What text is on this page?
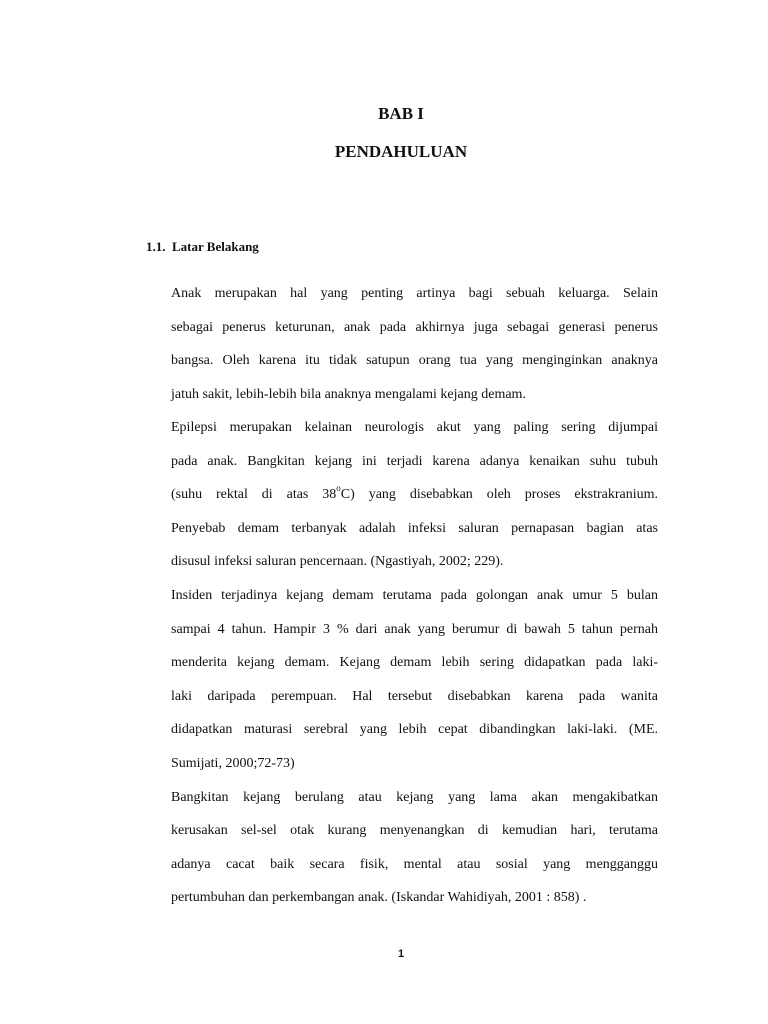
BAB I
PENDAHULUAN

1.1. Latar Belakang

Anak merupakan hal yang penting artinya bagi sebuah keluarga. Selain

sebagai penerus keturunan, anak pada akhirnya juga sebagai generasi penerus

bangsa. Oleh karena itu tidak satupun orang tua yang menginginkan anaknya

jatuh sakit, lebih-lebih bila anaknya mengalami kejang demam.

Epilepsi merupakan kelainan neurologis akut yang paling sering dijumpai

pada anak. Bangkitan kejang ini terjadi karena adanya kenaikan suhu tubuh

(suhu rektal di atas 38$^o$C) yang disebabkan oleh proses ekstrakranium.

Penyebab demam terbanyak adalah infeksi saluran pernapasan bagian atas

disusul infeksi saluran pencernaan. (Ngastiyah, 2002; 229).

Insiden terjadinya kejang demam terutama pada golongan anak umur 5 bulan

sampai 4 tahun. Hampir 3 % dari anak yang berumur di bawah 5 tahun pernah

menderita kejang demam. Kejang demam lebih sering didapatkan pada laki-

laki daripada perempuan. Hal tersebut disebabkan karena pada wanita

didapatkan maturasi serebral yang lebih cepat dibandingkan laki-laki. (ME.

Sumijati, 2000;72-73)

Bangkitan kejang berulang atau kejang yang lama akan mengakibatkan

kerusakan sel-sel otak kurang menyenangkan di kemudian hari, terutama

adanya cacat baik secara fisik, mental atau sosial yang mengganggu

pertumbuhan dan perkembangan anak. (Iskandar Wahidiyah, 2001 : 858) .

1
